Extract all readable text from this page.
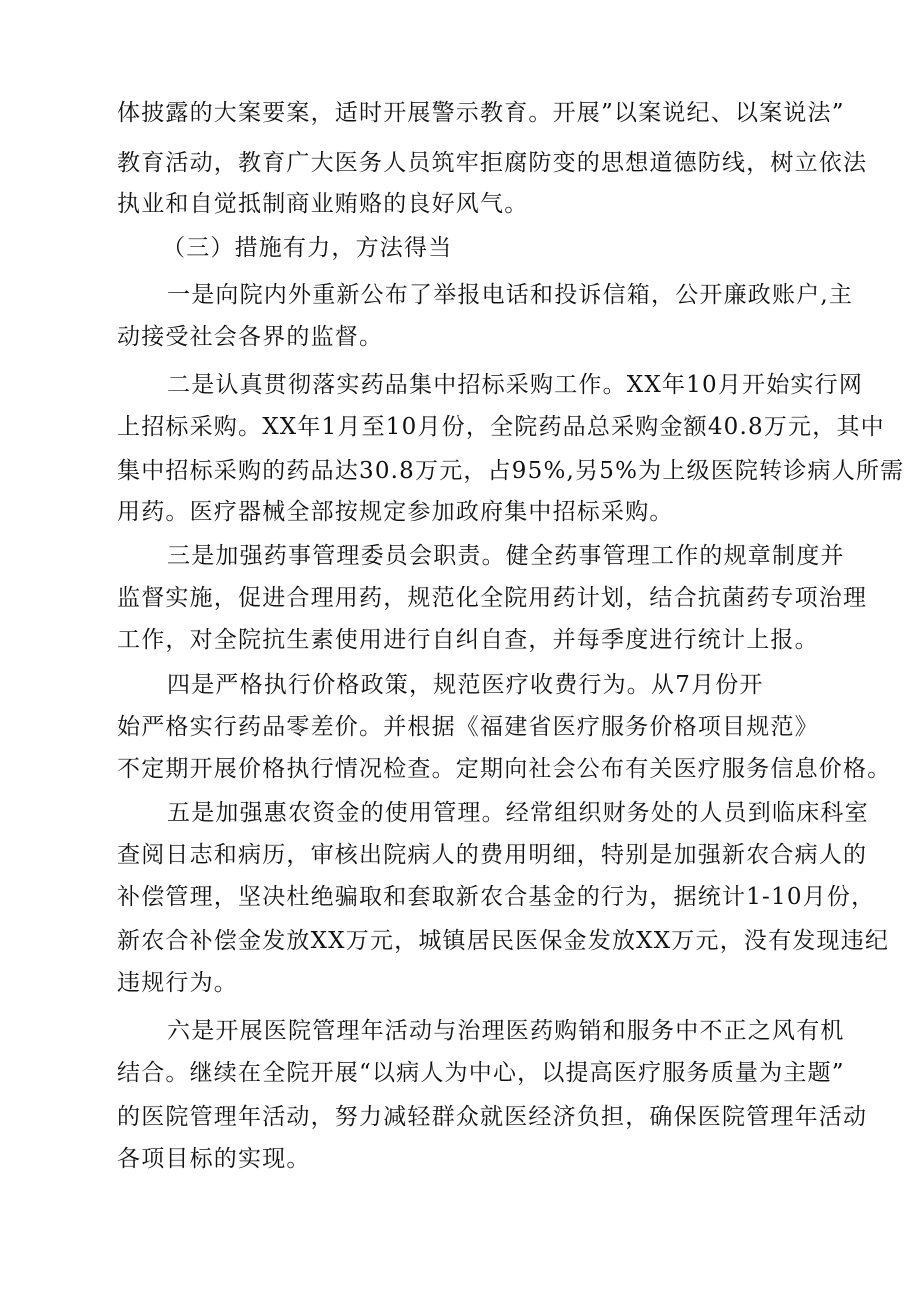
体披露的大案要案，适时开展警示教育。开展”以案说纪、以案说法”
教育活动，教育广大医务人员筑牢拒腐防变的思想道德防线，树立依法
执业和自觉抵制商业贿赂的良好风气。
（三）措施有力，方法得当
一是向院内外重新公布了举报电话和投诉信箱，公开廉政账户,主
动接受社会各界的监督。
二是认真贯彻落实药品集中招标采购工作。XX年10月开始实行网
上招标采购。XX年1月至10月份，全院药品总采购金额40.8万元，其中
集中招标采购的药品达30.8万元，占95%,另5%为上级医院转诊病人所需
用药。医疗器械全部按规定参加政府集中招标采购。
三是加强药事管理委员会职责。健全药事管理工作的规章制度并
监督实施，促进合理用药，规范化全院用药计划，结合抗菌药专项治理
工作，对全院抗生素使用进行自纠自查，并每季度进行统计上报。
四是严格执行价格政策，规范医疗收费行为。从7月份开
始严格实行药品零差价。并根据《福建省医疗服务价格项目规范》
不定期开展价格执行情况检查。定期向社会公布有关医疗服务信息价格。
五是加强惠农资金的使用管理。经常组织财务处的人员到临床科室
查阅日志和病历，审核出院病人的费用明细，特别是加强新农合病人的
补偿管理，坚决杜绝骗取和套取新农合基金的行为，据统计1-10月份，
新农合补偿金发放XX万元，城镇居民医保金发放XX万元，没有发现违纪
违规行为。
六是开展医院管理年活动与治理医药购销和服务中不正之风有机
结合。继续在全院开展“以病人为中心，以提高医疗服务质量为主题”
的医院管理年活动，努力减轻群众就医经济负担，确保医院管理年活动
各项目标的实现。
